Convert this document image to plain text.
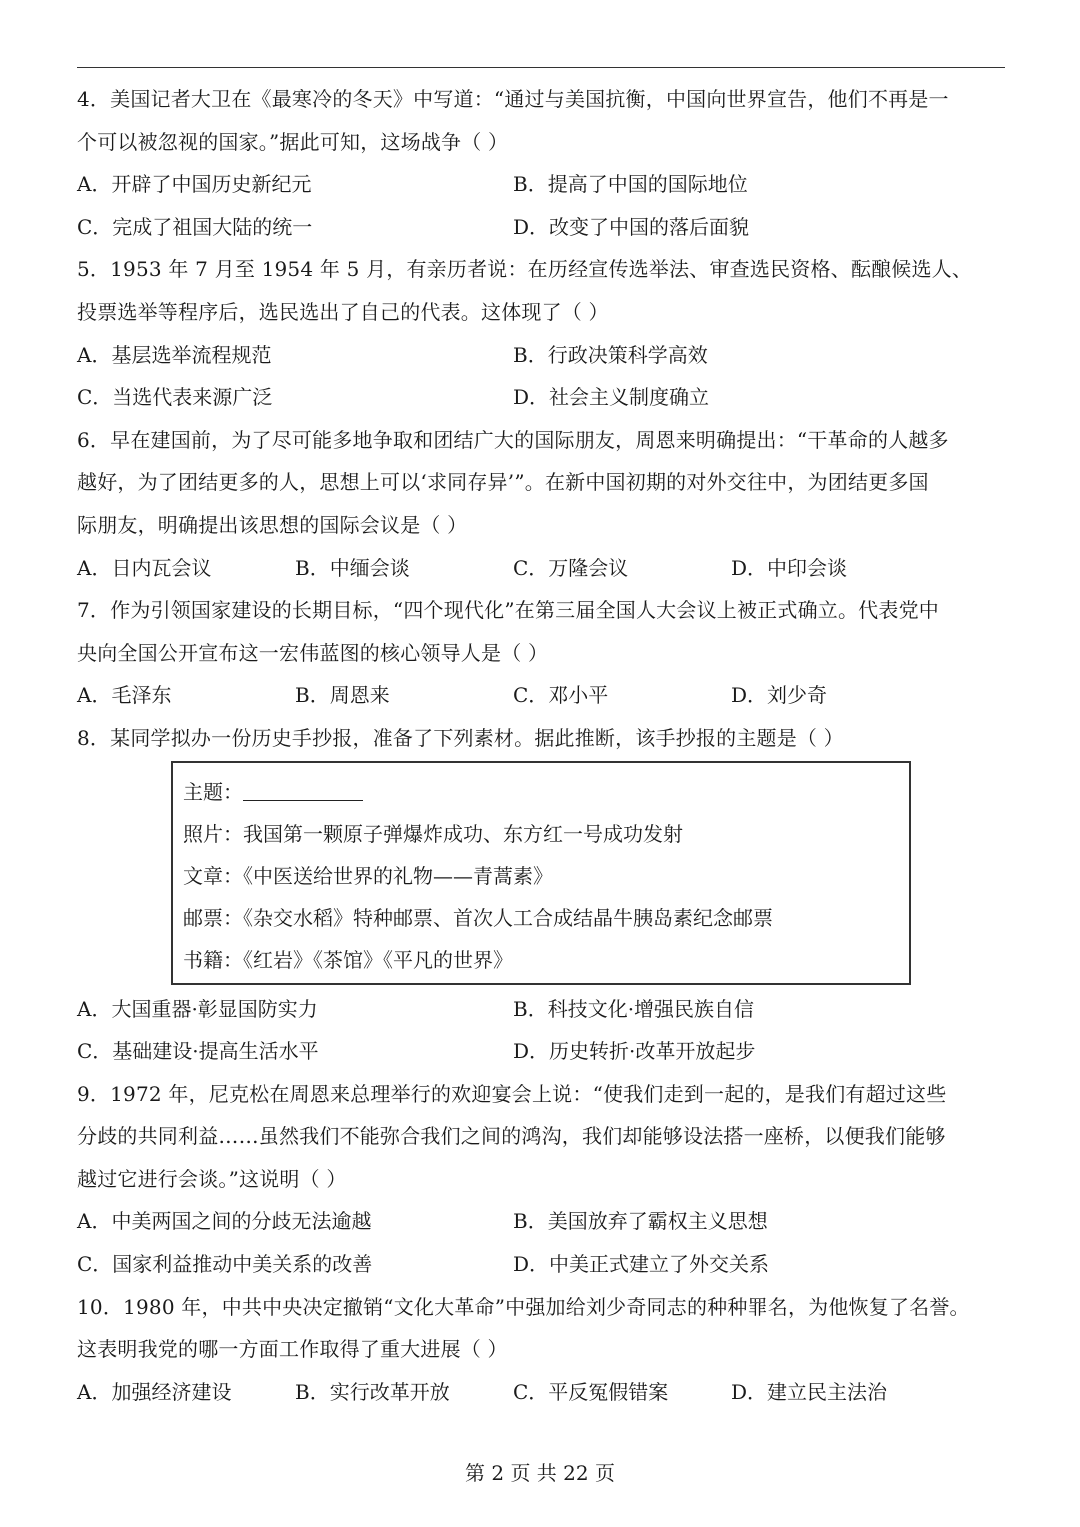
4．美国记者大卫在《最寒冷的冬天》中写道：“通过与美国抗衡，中国向世界宣告，他们不再是一
个可以被忽视的国家。”据此可知，这场战争（ ）
A．开辟了中国历史新纪元	B．提高了中国的国际地位
C．完成了祖国大陆的统一	D．改变了中国的落后面貌
5．1953 年 7 月至 1954 年 5 月，有亲历者说：在历经宣传选举法、审查选民资格、酝酿候选人、
投票选举等程序后，选民选出了自己的代表。这体现了（ ）
A．基层选举流程规范	B．行政决策科学高效
C．当选代表来源广泛	D．社会主义制度确立
6．早在建国前，为了尽可能多地争取和团结广大的国际朋友，周恩来明确提出：“干革命的人越多
越好，为了团结更多的人，思想上可以‘求同存异’”。在新中国初期的对外交往中，为团结更多国
际朋友，明确提出该思想的国际会议是（ ）
A．日内瓦会议	B．中缅会谈	C．万隆会议	D．中印会谈
7．作为引领国家建设的长期目标，“四个现代化”在第三届全国人大会议上被正式确立。代表党中
央向全国公开宣布这一宏伟蓝图的核心领导人是（ ）
A．毛泽东	B．周恩来	C．邓小平	D．刘少奇
8．某同学拟办一份历史手抄报，准备了下列素材。据此推断，该手抄报的主题是（ ）
主题：
照片：我国第一颗原子弹爆炸成功、东方红一号成功发射
文章：《中医送给世界的礼物——青蒿素》
邮票：《杂交水稻》特种邮票、首次人工合成结晶牛胰岛素纪念邮票
书籍：《红岩》《茶馆》《平凡的世界》
A．大国重器·彰显国防实力	B．科技文化·增强民族自信
C．基础建设·提高生活水平	D．历史转折·改革开放起步
9．1972 年，尼克松在周恩来总理举行的欢迎宴会上说：“使我们走到一起的，是我们有超过这些
分歧的共同利益……虽然我们不能弥合我们之间的鸿沟，我们却能够设法搭一座桥，以便我们能够
越过它进行会谈。”这说明（ ）
A．中美两国之间的分歧无法逾越	B．美国放弃了霸权主义思想
C．国家利益推动中美关系的改善	D．中美正式建立了外交关系
10．1980 年，中共中央决定撤销“文化大革命”中强加给刘少奇同志的种种罪名，为他恢复了名誉。
这表明我党的哪一方面工作取得了重大进展（ ）
A．加强经济建设	B．实行改革开放	C．平反冤假错案	D．建立民主法治
第 2 页 共 22 页
